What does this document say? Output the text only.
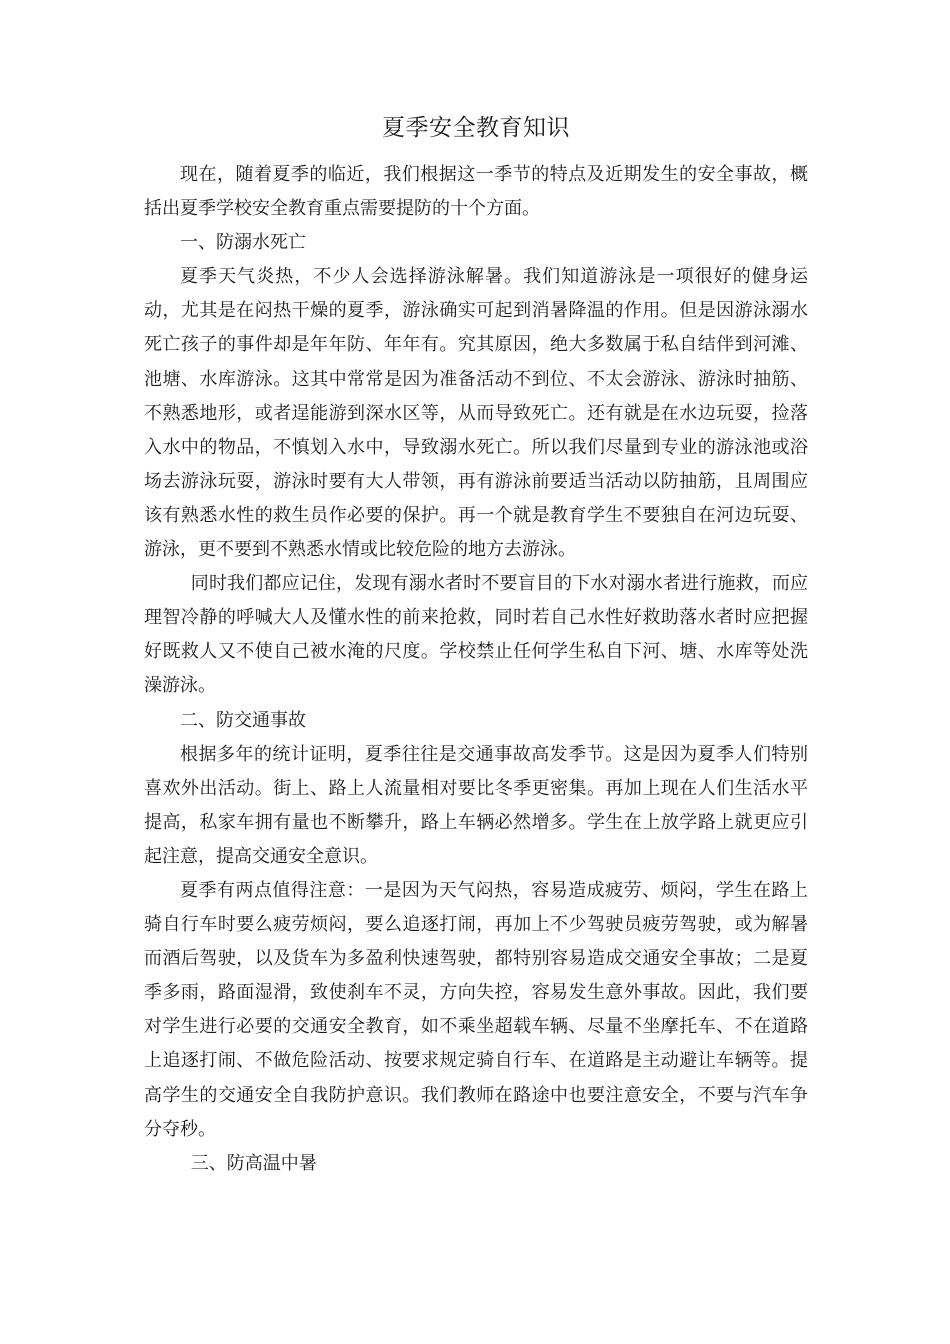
夏季安全教育知识

现在，随着夏季的临近，我们根据这一季节的特点及近期发生的安全事故，概括出夏季学校安全教育重点需要提防的十个方面。

一、防溺水死亡

夏季天气炎热，不少人会选择游泳解暑。我们知道游泳是一项很好的健身运动，尤其是在闷热干燥的夏季，游泳确实可起到消暑降温的作用。但是因游泳溺水死亡孩子的事件却是年年防、年年有。究其原因，绝大多数属于私自结伴到河滩、池塘、水库游泳。这其中常常是因为准备活动不到位、不太会游泳、游泳时抽筋、不熟悉地形，或者逞能游到深水区等，从而导致死亡。还有就是在水边玩耍，捡落入水中的物品，不慎划入水中，导致溺水死亡。所以我们尽量到专业的游泳池或浴场去游泳玩耍，游泳时要有大人带领，再有游泳前要适当活动以防抽筋，且周围应该有熟悉水性的救生员作必要的保护。再一个就是教育学生不要独自在河边玩耍、游泳，更不要到不熟悉水情或比较危险的地方去游泳。

同时我们都应记住，发现有溺水者时不要盲目的下水对溺水者进行施救，而应理智冷静的呼喊大人及懂水性的前来抢救，同时若自己水性好救助落水者时应把握好既救人又不使自己被水淹的尺度。学校禁止任何学生私自下河、塘、水库等处洗澡游泳。

二、防交通事故

根据多年的统计证明，夏季往往是交通事故高发季节。这是因为夏季人们特别喜欢外出活动。街上、路上人流量相对要比冬季更密集。再加上现在人们生活水平提高，私家车拥有量也不断攀升，路上车辆必然增多。学生在上放学路上就更应引起注意，提高交通安全意识。

夏季有两点值得注意：一是因为天气闷热，容易造成疲劳、烦闷，学生在路上骑自行车时要么疲劳烦闷，要么追逐打闹，再加上不少驾驶员疲劳驾驶，或为解暑而酒后驾驶，以及货车为多盈利快速驾驶，都特别容易造成交通安全事故；二是夏季多雨，路面湿滑，致使刹车不灵，方向失控，容易发生意外事故。因此，我们要对学生进行必要的交通安全教育，如不乘坐超载车辆、尽量不坐摩托车、不在道路上追逐打闹、不做危险活动、按要求规定骑自行车、在道路是主动避让车辆等。提高学生的交通安全自我防护意识。我们教师在路途中也要注意安全，不要与汽车争分夺秒。

三、防高温中暑
